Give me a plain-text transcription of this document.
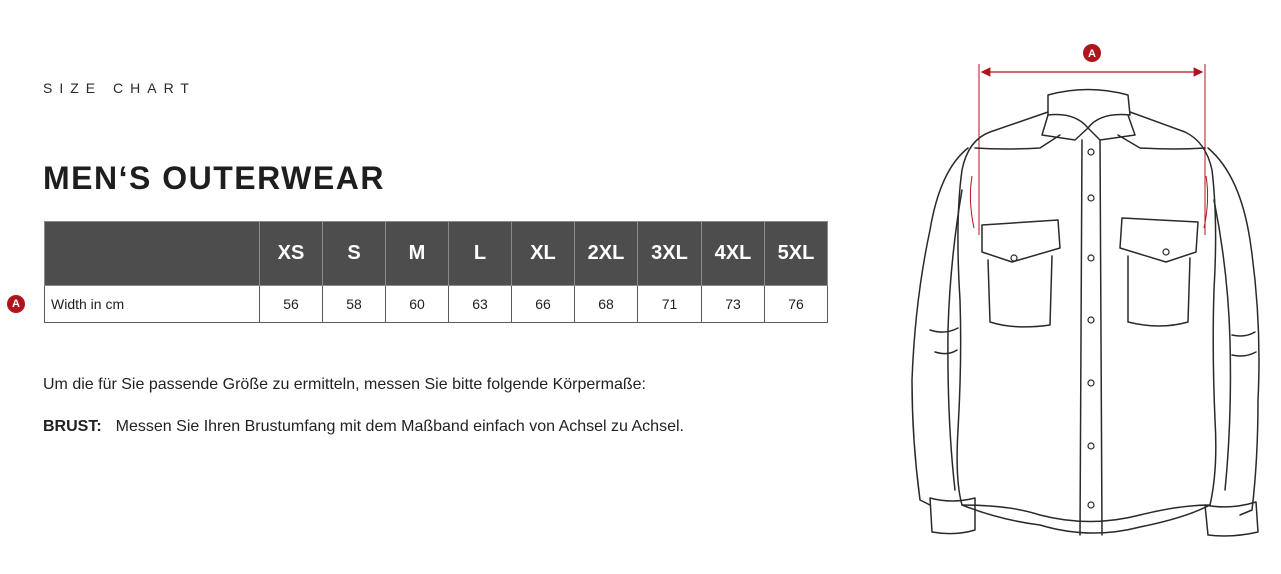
SIZE CHART
MEN‘S OUTERWEAR
A
	XS	S	M	L	XL	2XL	3XL	4XL	5XL
Width in cm	56	58	60	63	66	68	71	73	76
Um die für Sie passende Größe zu ermitteln, messen Sie bitte folgende Körpermaße:
BRUST: Messen Sie Ihren Brustumfang mit dem Maßband einfach von Achsel zu Achsel.
A
